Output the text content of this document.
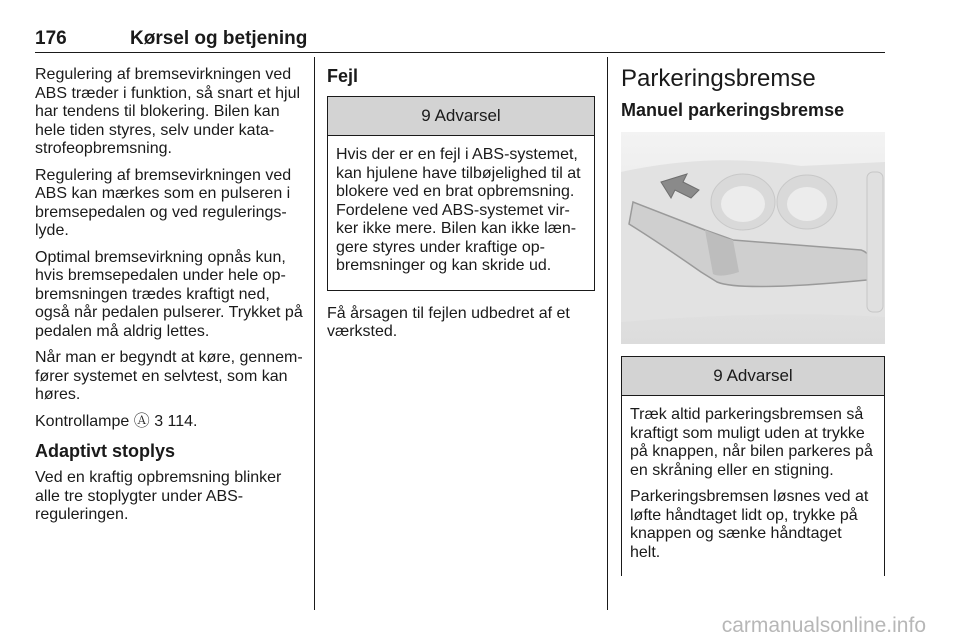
176	Kørsel og betjening

Regulering af bremsevirkningen ved ABS træder i funktion, så snart et hjul har tendens til blokering. Bilen kan hele tiden styres, selv under kata-strofeopbremsning.

Regulering af bremsevirkningen ved ABS kan mærkes som en pulseren i bremsepedalen og ved regulerings-lyde.

Optimal bremsevirkning opnås kun, hvis bremsepedalen under hele op-bremsningen trædes kraftigt ned, også når pedalen pulserer. Trykket på pedalen må aldrig lettes.

Når man er begyndt at køre, gennem-fører systemet en selvtest, som kan høres.

Kontrollampe Ⓐ 3 114.

Adaptivt stoplys

Ved en kraftig opbremsning blinker alle tre stoplygter under ABS-reguleringen.

Fejl
9 Advarsel

Hvis der er en fejl i ABS-systemet, kan hjulene have tilbøjelighed til at blokere ved en brat opbremsning. Fordelene ved ABS-systemet vir-ker ikke mere. Bilen kan ikke læn-gere styres under kraftige op-bremsninger og kan skride ud.

Få årsagen til fejlen udbedret af et værksted.

Parkeringsbremse
Manuel parkeringsbremse
9 Advarsel

Træk altid parkeringsbremsen så kraftigt som muligt uden at trykke på knappen, når bilen parkeres på en skråning eller en stigning.

Parkeringsbremsen løsnes ved at løfte håndtaget lidt op, trykke på knappen og sænke håndtaget helt.

carmanualsonline.info
